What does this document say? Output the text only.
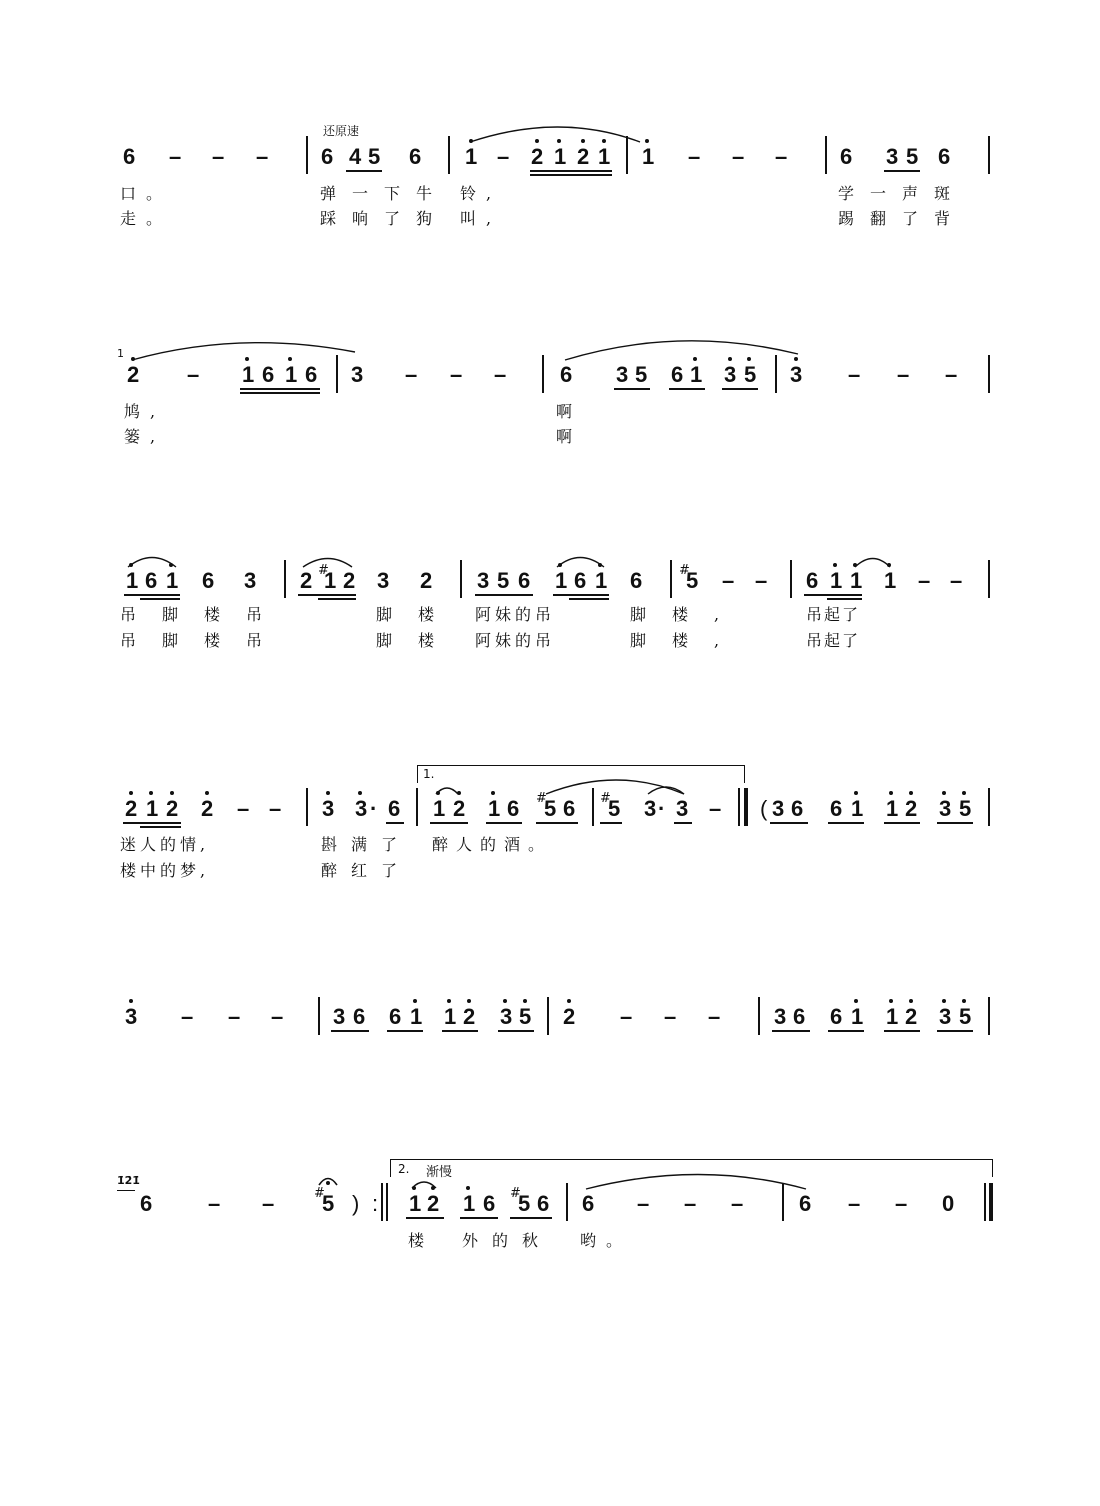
还原速
6 – – – 6 4 5 6 1 – 2 1 2 1 1 – – – 6 3 5 6
口。	弹一下牛 铃,	学一声斑
走。	踩响了狗 叫,	踢翻了背
1
2 – 1 6 1 6 3 – – – 6 3 5 6 1 3 5 3 – – –
鸠,	啊
篓,	啊
1 6 1 6 3 2 #
1 2 3 2 3 5 6 1 6 1 6	#
5 – – 6 1 1 1 – –
吊脚楼吊	脚楼 阿妹的吊	脚楼,	吊起了
吊脚楼吊	脚楼 阿妹的吊	脚楼,	吊起了
2 1 2 2 – – 3 3 · 6
1.
1 2 1 6 #
5 6 #
5 3 · 3 – ( 3 6 6 1 1 2 3 5
迷人的情,	斟满了 醉人的酒。
楼中的梦,	醉红了
3 – – – 3 6 6 1 1 2 3 5 2 – – – 3 6 6 1 1 2 3 5
1̇2̇1̇
6	– –	#
5 ) :
2. 渐慢
1 2 1 6 #
5 6 6 – – –	6 – – 0
楼 外的秋 哟。
